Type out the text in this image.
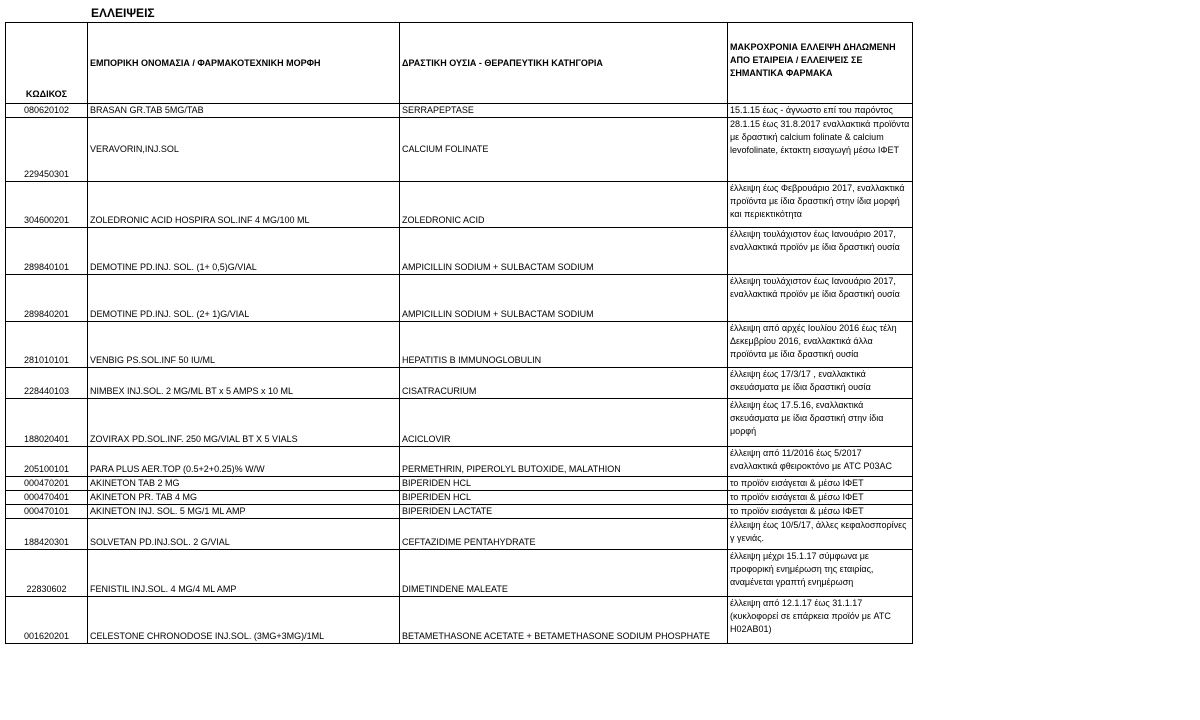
ΕΛΛΕΙΨΕΙΣ
ΚΩΔΙΚΟΣ	ΕΜΠΟΡΙΚΗ ΟΝΟΜΑΣΙΑ / ΦΑΡΜΑΚΟΤΕΧΝΙΚΗ ΜΟΡΦΗ	ΔΡΑΣΤΙΚΗ ΟΥΣΙΑ - ΘΕΡΑΠΕΥΤΙΚΗ ΚΑΤΗΓΟΡΙΑ	ΜΑΚΡΟΧΡΟΝΙΑ ΕΛΛΕΙΨΗ ΔΗΛΩΜΕΝΗ ΑΠΟ ΕΤΑΙΡΕΙΑ / ΕΛΛΕΙΨΕΙΣ ΣΕ ΣΗΜΑΝΤΙΚΑ ΦΑΡΜΑΚΑ
080620102	BRASAN GR.TAB 5MG/TAB	SERRAPEPTASE	15.1.15 έως - άγνωστο επί του παρόντος
229450301	VERAVORIN,INJ.SOL	CALCIUM FOLINATE	28.1.15 έως 31.8.2017 εναλλακτικά προϊόντα με δραστική calcium folinate & calcium levofolinate, έκτακτη εισαγωγή μέσω ΙΦΕΤ
304600201	ZOLEDRONIC ACID HOSPIRA SOL.INF 4 MG/100 ML	ZOLEDRONIC ACID	έλλειψη έως Φεβρουάριο 2017, εναλλακτικά προϊόντα με ίδια δραστική στην ίδια μορφή και περιεκτικότητα
289840101	DEMOTINE PD.INJ. SOL. (1+ 0,5)G/VIAL	AMPICILLIN SODIUM + SULBACTAM SODIUM	έλλειψη τουλάχιστον έως Ιανουάριο 2017, εναλλακτικά προϊόν με ίδια δραστική ουσία
289840201	DEMOTINE PD.INJ. SOL. (2+ 1)G/VIAL	AMPICILLIN SODIUM + SULBACTAM SODIUM	έλλειψη τουλάχιστον έως Ιανουάριο 2017, εναλλακτικά προϊόν με ίδια δραστική ουσία
281010101	VENBIG PS.SOL.INF 50 IU/ML	HEPATITIS B IMMUNOGLOBULIN	έλλειψη από αρχές Ιουλίου 2016 έως τέλη Δεκεμβρίου 2016, εναλλακτικά άλλα προϊόντα με ίδια δραστική ουσία
228440103	NIMBEX INJ.SOL. 2 MG/ML BT x 5 AMPS x 10 ML	CISATRACURIUM	έλλειψη έως 17/3/17 , εναλλακτικά σκευάσματα με ίδια δραστική ουσία
188020401	ZOVIRAX PD.SOL.INF. 250 MG/VIAL BT X 5 VIALS	ACICLOVIR	έλλειψη έως 17.5.16, εναλλακτικά σκευάσματα με ίδια δραστική στην ίδια μορφή
205100101	PARA PLUS AER.TOP (0.5+2+0.25)% W/W	PERMETHRIN, PIPEROLYL BUTOXIDE, MALATHION	έλλειψη από 11/2016 έως 5/2017 εναλλακτικά φθειροκτόνο με ATC P03AC
000470201	AKINETON TAB 2 MG	BIPERIDEN HCL	το προϊόν εισάγεται & μέσω ΙΦΕΤ
000470401	AKINETON PR. TAB 4 MG	BIPERIDEN HCL	το προϊόν εισάγεται & μέσω ΙΦΕΤ
000470101	AKINETON INJ. SOL. 5 MG/1 ML AMP	BIPERIDEN LACTATE	το προϊόν εισάγεται & μέσω ΙΦΕΤ
188420301	SOLVETAN PD.INJ.SOL. 2 G/VIAL	CEFTAZIDIME PENTAHYDRATE	έλλειψη έως 10/5/17, άλλες κεφαλοσπορίνες γ γενιάς.
22830602	FENISTIL INJ.SOL. 4 MG/4 ML AMP	DIMETINDENE MALEATE	έλλειψη μέχρι 15.1.17 σύμφωνα με προφορική ενημέρωση της εταιρίας, αναμένεται γραπτή ενημέρωση
001620201	CELESTONE CHRONODOSE INJ.SOL. (3MG+3MG)/1ML	BETAMETHASONE ACETATE + BETAMETHASONE SODIUM PHOSPHATE	έλλειψη από 12.1.17 έως 31.1.17 (κυκλοφορεί σε επάρκεια προϊόν με ATC H02AB01)
